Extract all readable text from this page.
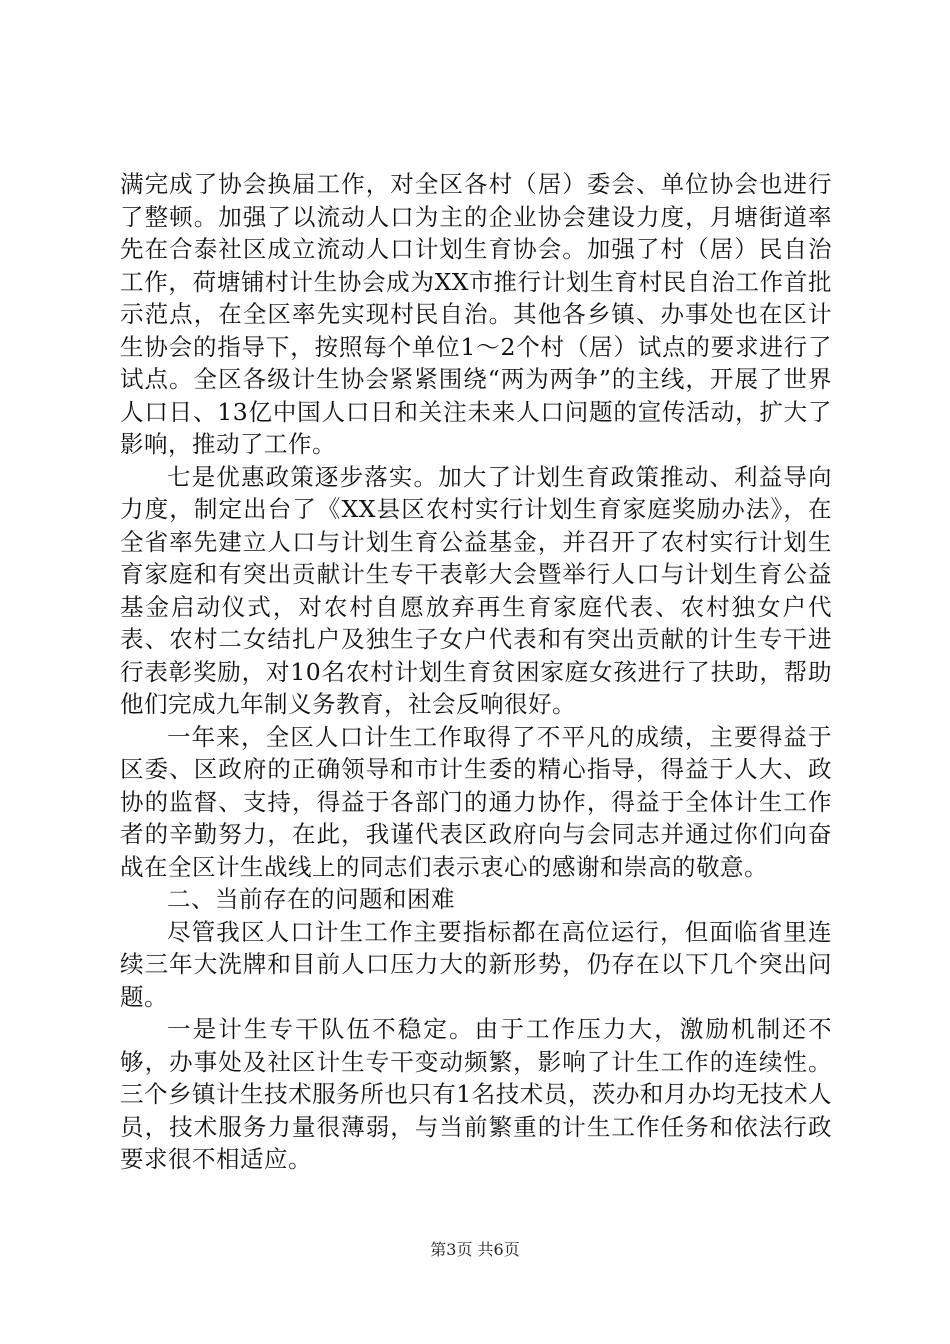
满完成了协会换届工作，对全区各村（居）委会、单位协会也进行了整顿。加强了以流动人口为主的企业协会建设力度，月塘街道率先在合泰社区成立流动人口计划生育协会。加强了村（居）民自治工作，荷塘铺村计生协会成为XX市推行计划生育村民自治工作首批示范点，在全区率先实现村民自治。其他各乡镇、办事处也在区计生协会的指导下，按照每个单位1～2个村（居）试点的要求进行了试点。全区各级计生协会紧紧围绕“两为两争”的主线，开展了世界人口日、13亿中国人口日和关注未来人口问题的宣传活动，扩大了影响，推动了工作。

七是优惠政策逐步落实。加大了计划生育政策推动、利益导向力度，制定出台了《XX县区农村实行计划生育家庭奖励办法》，在全省率先建立人口与计划生育公益基金，并召开了农村实行计划生育家庭和有突出贡献计生专干表彰大会暨举行人口与计划生育公益基金启动仪式，对农村自愿放弃再生育家庭代表、农村独女户代表、农村二女结扎户及独生子女户代表和有突出贡献的计生专干进行表彰奖励，对10名农村计划生育贫困家庭女孩进行了扶助，帮助他们完成九年制义务教育，社会反响很好。

一年来，全区人口计生工作取得了不平凡的成绩，主要得益于区委、区政府的正确领导和市计生委的精心指导，得益于人大、政协的监督、支持，得益于各部门的通力协作，得益于全体计生工作者的辛勤努力，在此，我谨代表区政府向与会同志并通过你们向奋战在全区计生战线上的同志们表示衷心的感谢和崇高的敬意。

二、当前存在的问题和困难

尽管我区人口计生工作主要指标都在高位运行，但面临省里连续三年大洗牌和目前人口压力大的新形势，仍存在以下几个突出问题。

一是计生专干队伍不稳定。由于工作压力大，激励机制还不够，办事处及社区计生专干变动频繁，影响了计生工作的连续性。三个乡镇计生技术服务所也只有1名技术员，茨办和月办均无技术人员，技术服务力量很薄弱，与当前繁重的计生工作任务和依法行政要求很不相适应。

第3页 共6页
